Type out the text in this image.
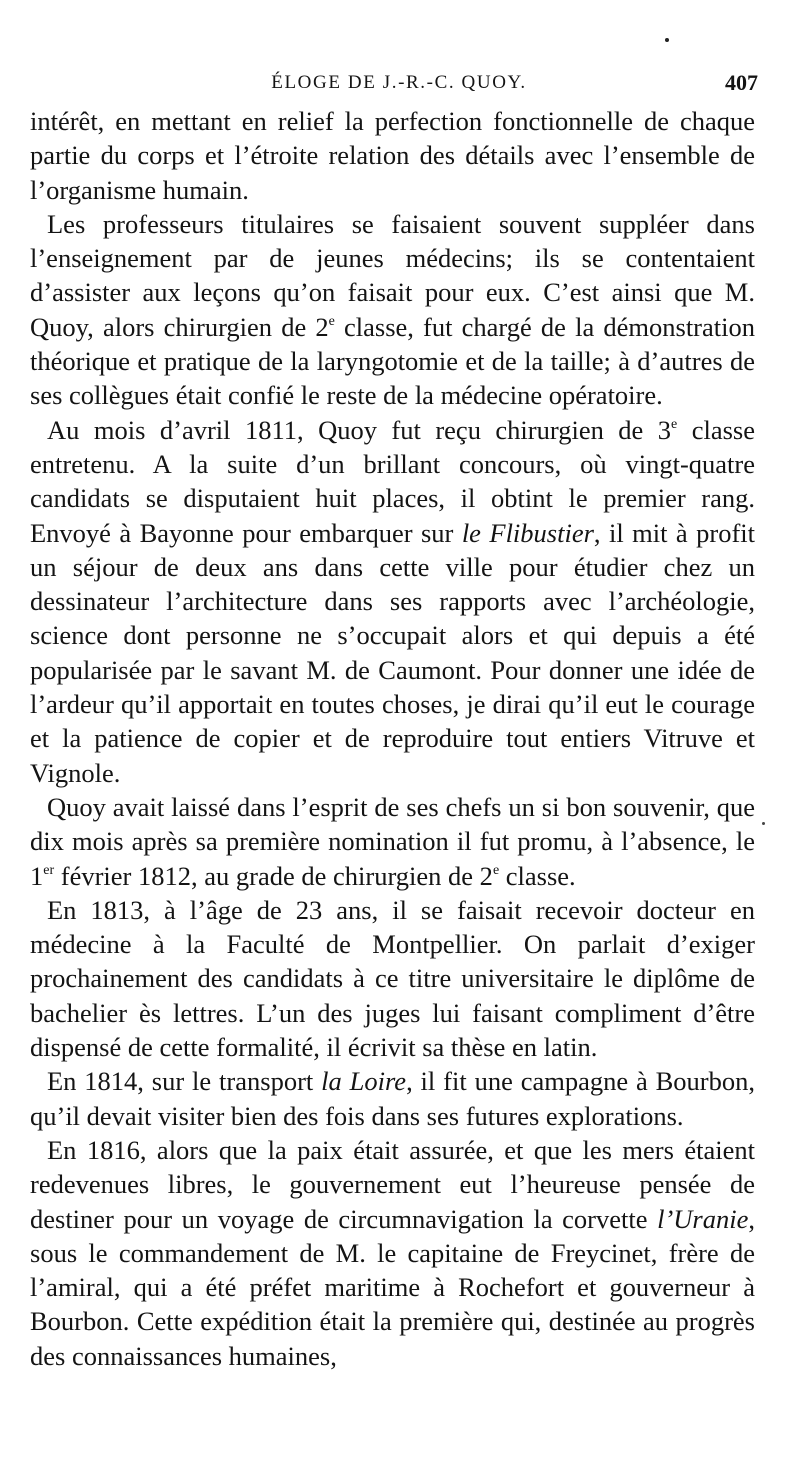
ÉLOGE DE J.-R.-C. QUOY.	407

intérêt, en mettant en relief la perfection fonctionnelle de chaque partie du corps et l’étroite relation des détails avec l’ensemble de l’organisme humain.

Les professeurs titulaires se faisaient souvent suppléer dans l’enseignement par de jeunes médecins; ils se contentaient d’assister aux leçons qu’on faisait pour eux. C’est ainsi que M. Quoy, alors chirurgien de 2e classe, fut chargé de la démonstration théorique et pratique de la laryngotomie et de la taille; à d’autres de ses collègues était confié le reste de la médecine opératoire.

Au mois d’avril 1811, Quoy fut reçu chirurgien de 3e classe entretenu. A la suite d’un brillant concours, où vingt-quatre candidats se disputaient huit places, il obtint le premier rang. Envoyé à Bayonne pour embarquer sur le Flibustier, il mit à profit un séjour de deux ans dans cette ville pour étudier chez un dessinateur l’architecture dans ses rapports avec l’archéologie, science dont personne ne s’occupait alors et qui depuis a été popularisée par le savant M. de Caumont. Pour donner une idée de l’ardeur qu’il apportait en toutes choses, je dirai qu’il eut le courage et la patience de copier et de reproduire tout entiers Vitruve et Vignole.

Quoy avait laissé dans l’esprit de ses chefs un si bon souvenir, que dix mois après sa première nomination il fut promu, à l’absence, le 1er février 1812, au grade de chirurgien de 2e classe.

En 1813, à l’âge de 23 ans, il se faisait recevoir docteur en médecine à la Faculté de Montpellier. On parlait d’exiger prochainement des candidats à ce titre universitaire le diplôme de bachelier ès lettres. L’un des juges lui faisant compliment d’être dispensé de cette formalité, il écrivit sa thèse en latin.

En 1814, sur le transport la Loire, il fit une campagne à Bourbon, qu’il devait visiter bien des fois dans ses futures explorations.

En 1816, alors que la paix était assurée, et que les mers étaient redevenues libres, le gouvernement eut l’heureuse pensée de destiner pour un voyage de circumnavigation la corvette l’Uranie, sous le commandement de M. le capitaine de Freycinet, frère de l’amiral, qui a été préfet maritime à Rochefort et gouverneur à Bourbon. Cette expédition était la première qui, destinée au progrès des connaissances humaines,
